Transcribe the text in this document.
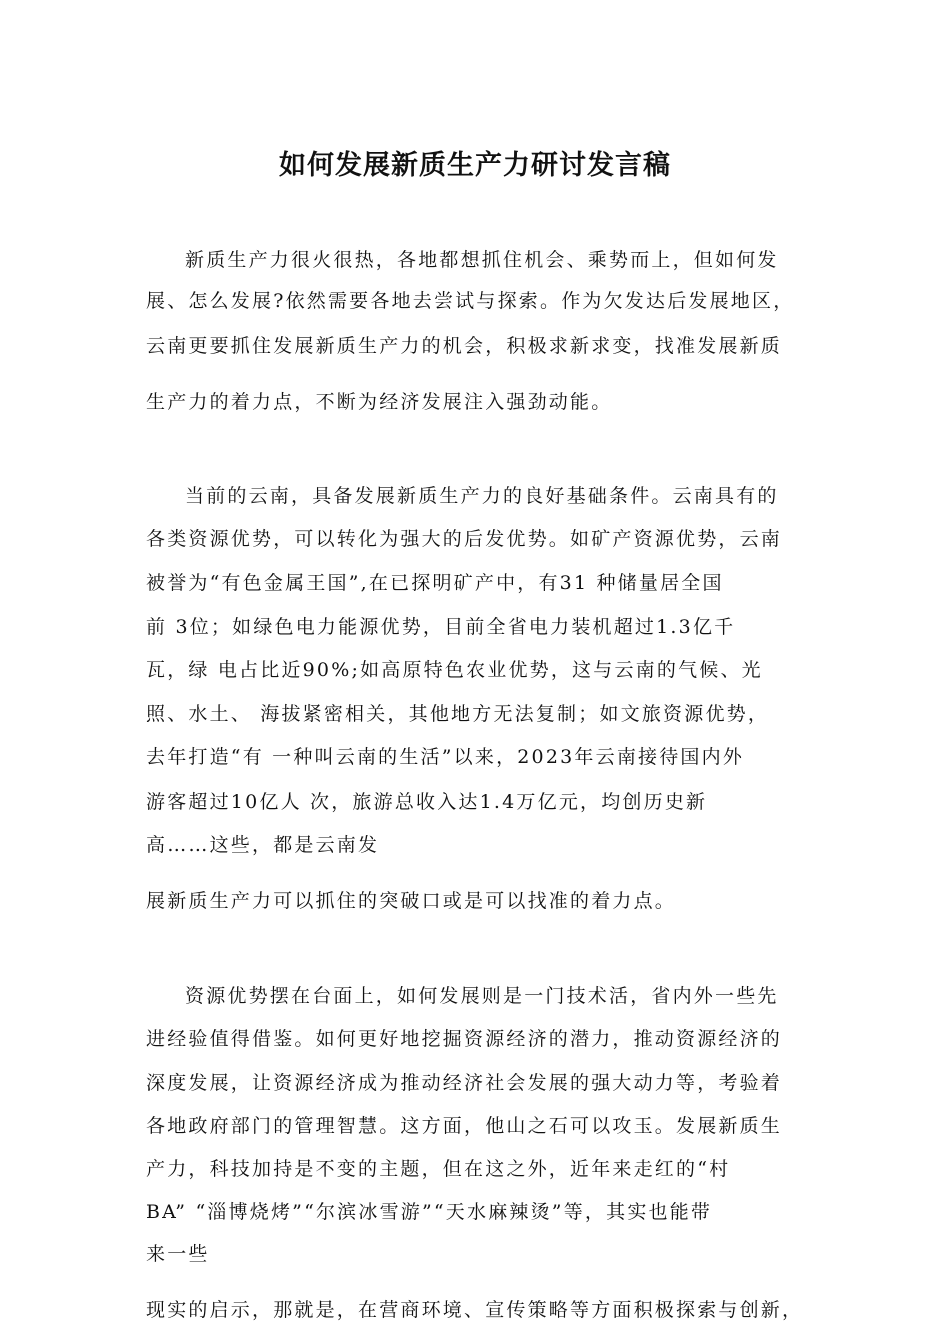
如何发展新质生产力研讨发言稿
新质生产力很火很热，各地都想抓住机会、乘势而上，但如何发
展、怎么发展?依然需要各地去尝试与探索。作为欠发达后发展地区，
云南更要抓住发展新质生产力的机会，积极求新求变，找准发展新质
生产力的着力点，不断为经济发展注入强劲动能。
当前的云南，具备发展新质生产力的良好基础条件。云南具有的
各类资源优势，可以转化为强大的后发优势。如矿产资源优势，云南
被誉为“有色金属王国”,在已探明矿产中，有31 种储量居全国
前 3位；如绿色电力能源优势，目前全省电力装机超过1.3亿千
瓦，绿 电占比近90%;如高原特色农业优势，这与云南的气候、光
照、水土、 海拔紧密相关，其他地方无法复制；如文旅资源优势，
去年打造“有 一种叫云南的生活”以来，2023年云南接待国内外
游客超过10亿人 次，旅游总收入达1.4万亿元，均创历史新
高……这些，都是云南发
展新质生产力可以抓住的突破口或是可以找准的着力点。
资源优势摆在台面上，如何发展则是一门技术活，省内外一些先
进经验值得借鉴。如何更好地挖掘资源经济的潜力，推动资源经济的
深度发展，让资源经济成为推动经济社会发展的强大动力等，考验着
各地政府部门的管理智慧。这方面，他山之石可以攻玉。发展新质生
产力，科技加持是不变的主题，但在这之外，近年来走红的“村
BA” “淄博烧烤”“尔滨冰雪游”“天水麻辣烫”等，其实也能带
来一些
现实的启示，那就是，在营商环境、宣传策略等方面积极探索与创新，
